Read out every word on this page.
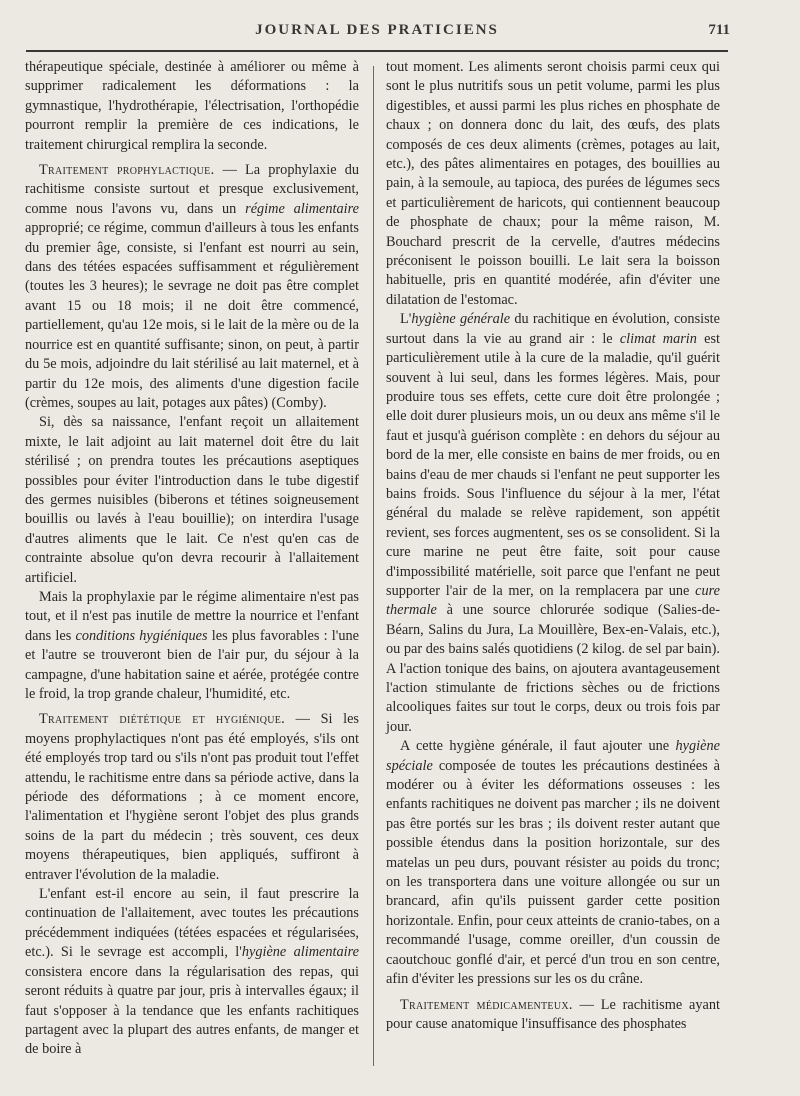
JOURNAL DES PRATICIENS	711

thérapeutique spéciale, destinée à améliorer ou même à supprimer radicalement les déformations : la gymnastique, l'hydrothérapie, l'électrisation, l'orthopédie pourront remplir la première de ces indications, le traitement chirurgical remplira la seconde.

Traitement prophylactique. — La prophylaxie du rachitisme consiste surtout et presque exclusivement, comme nous l'avons vu, dans un régime alimentaire approprié; ce régime, commun d'ailleurs à tous les enfants du premier âge, consiste, si l'enfant est nourri au sein, dans des tétées espacées suffisamment et régulièrement (toutes les 3 heures); le sevrage ne doit pas être complet avant 15 ou 18 mois; il ne doit être commencé, partiellement, qu'au 12e mois, si le lait de la mère ou de la nourrice est en quantité suffisante; sinon, on peut, à partir du 5e mois, adjoindre du lait stérilisé au lait maternel, et à partir du 12e mois, des aliments d'une digestion facile (crèmes, soupes au lait, potages aux pâtes) (Comby).

Si, dès sa naissance, l'enfant reçoit un allaitement mixte, le lait adjoint au lait maternel doit être du lait stérilisé ; on prendra toutes les précautions aseptiques possibles pour éviter l'introduction dans le tube digestif des germes nuisibles (biberons et tétines soigneusement bouillis ou lavés à l'eau bouillie); on interdira l'usage d'autres aliments que le lait. Ce n'est qu'en cas de contrainte absolue qu'on devra recourir à l'allaitement artificiel.

Mais la prophylaxie par le régime alimentaire n'est pas tout, et il n'est pas inutile de mettre la nourrice et l'enfant dans les conditions hygiéniques les plus favorables : l'une et l'autre se trouveront bien de l'air pur, du séjour à la campagne, d'une habitation saine et aérée, protégée contre le froid, la trop grande chaleur, l'humidité, etc.

Traitement diététique et hygiénique. — Si les moyens prophylactiques n'ont pas été employés, s'ils ont été employés trop tard ou s'ils n'ont pas produit tout l'effet attendu, le rachitisme entre dans sa période active, dans la période des déformations ; à ce moment encore, l'alimentation et l'hygiène seront l'objet des plus grands soins de la part du médecin ; très souvent, ces deux moyens thérapeutiques, bien appliqués, suffiront à entraver l'évolution de la maladie.

L'enfant est-il encore au sein, il faut prescrire la continuation de l'allaitement, avec toutes les précautions précédemment indiquées (tétées espacées et régularisées, etc.). Si le sevrage est accompli, l'hygiène alimentaire consistera encore dans la régularisation des repas, qui seront réduits à quatre par jour, pris à intervalles égaux; il faut s'opposer à la tendance que les enfants rachitiques partagent avec la plupart des autres enfants, de manger et de boire à

tout moment. Les aliments seront choisis parmi ceux qui sont le plus nutritifs sous un petit volume, parmi les plus digestibles, et aussi parmi les plus riches en phosphate de chaux ; on donnera donc du lait, des œufs, des plats composés de ces deux aliments (crèmes, potages au lait, etc.), des pâtes alimentaires en potages, des bouillies au pain, à la semoule, au tapioca, des purées de légumes secs et particulièrement de haricots, qui contiennent beaucoup de phosphate de chaux; pour la même raison, M. Bouchard prescrit de la cervelle, d'autres médecins préconisent le poisson bouilli. Le lait sera la boisson habituelle, pris en quantité modérée, afin d'éviter une dilatation de l'estomac.

L'hygiène générale du rachitique en évolution, consiste surtout dans la vie au grand air : le climat marin est particulièrement utile à la cure de la maladie, qu'il guérit souvent à lui seul, dans les formes légères. Mais, pour produire tous ses effets, cette cure doit être prolongée ; elle doit durer plusieurs mois, un ou deux ans même s'il le faut et jusqu'à guérison complète : en dehors du séjour au bord de la mer, elle consiste en bains de mer froids, ou en bains d'eau de mer chauds si l'enfant ne peut supporter les bains froids. Sous l'influence du séjour à la mer, l'état général du malade se relève rapidement, son appétit revient, ses forces augmentent, ses os se consolident. Si la cure marine ne peut être faite, soit pour cause d'impossibilité matérielle, soit parce que l'enfant ne peut supporter l'air de la mer, on la remplacera par une cure thermale à une source chlorurée sodique (Salies-de-Béarn, Salins du Jura, La Mouillère, Bex-en-Valais, etc.), ou par des bains salés quotidiens (2 kilog. de sel par bain). A l'action tonique des bains, on ajoutera avantageusement l'action stimulante de frictions sèches ou de frictions alcooliques faites sur tout le corps, deux ou trois fois par jour.

A cette hygiène générale, il faut ajouter une hygiène spéciale composée de toutes les précautions destinées à modérer ou à éviter les déformations osseuses : les enfants rachitiques ne doivent pas marcher ; ils ne doivent pas être portés sur les bras ; ils doivent rester autant que possible étendus dans la position horizontale, sur des matelas un peu durs, pouvant résister au poids du tronc; on les transportera dans une voiture allongée ou sur un brancard, afin qu'ils puissent garder cette position horizontale. Enfin, pour ceux atteints de cranio-tabes, on a recommandé l'usage, comme oreiller, d'un coussin de caoutchouc gonflé d'air, et percé d'un trou en son centre, afin d'éviter les pressions sur les os du crâne.

Traitement médicamenteux. — Le rachitisme ayant pour cause anatomique l'insuffisance des phosphates
